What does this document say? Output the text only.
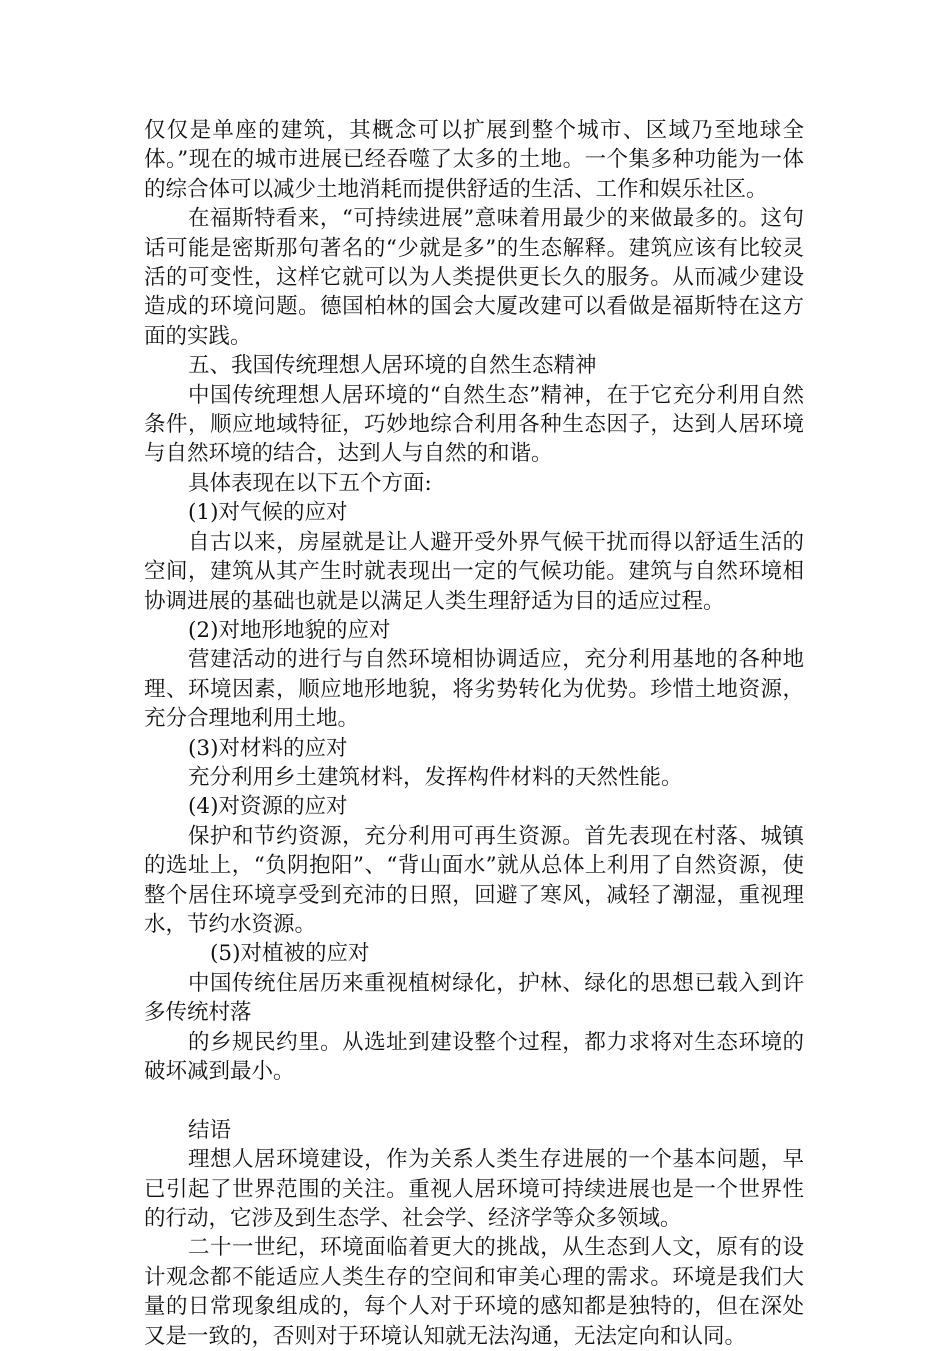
仅仅是单座的建筑，其概念可以扩展到整个城市、区域乃至地球全体。”现在的城市进展已经吞噬了太多的土地。一个集多种功能为一体的综合体可以减少土地消耗而提供舒适的生活、工作和娱乐社区。

在福斯特看来，“可持续进展”意味着用最少的来做最多的。这句话可能是密斯那句著名的“少就是多”的生态解释。建筑应该有比较灵活的可变性，这样它就可以为人类提供更长久的服务。从而减少建设造成的环境问题。德国柏林的国会大厦改建可以看做是福斯特在这方面的实践。

五、我国传统理想人居环境的自然生态精神

中国传统理想人居环境的“自然生态”精神，在于它充分利用自然条件，顺应地域特征，巧妙地综合利用各种生态因子，达到人居环境与自然环境的结合，达到人与自然的和谐。

具体表现在以下五个方面:

(1)对气候的应对

自古以来，房屋就是让人避开受外界气候干扰而得以舒适生活的空间，建筑从其产生时就表现出一定的气候功能。建筑与自然环境相协调进展的基础也就是以满足人类生理舒适为目的适应过程。

(2)对地形地貌的应对

营建活动的进行与自然环境相协调适应，充分利用基地的各种地理、环境因素，顺应地形地貌，将劣势转化为优势。珍惜土地资源，充分合理地利用土地。

(3)对材料的应对

充分利用乡土建筑材料，发挥构件材料的天然性能。

(4)对资源的应对

保护和节约资源，充分利用可再生资源。首先表现在村落、城镇的选址上，“负阴抱阳”、“背山面水”就从总体上利用了自然资源，使整个居住环境享受到充沛的日照，回避了寒风，减轻了潮湿，重视理水，节约水资源。

(5)对植被的应对

中国传统住居历来重视植树绿化，护林、绿化的思想已载入到许多传统村落

的乡规民约里。从选址到建设整个过程，都力求将对生态环境的破坏减到最小。

结语

理想人居环境建设，作为关系人类生存进展的一个基本问题，早已引起了世界范围的关注。重视人居环境可持续进展也是一个世界性的行动，它涉及到生态学、社会学、经济学等众多领域。

二十一世纪，环境面临着更大的挑战，从生态到人文，原有的设计观念都不能适应人类生存的空间和审美心理的需求。环境是我们大量的日常现象组成的，每个人对于环境的感知都是独特的，但在深处又是一致的，否则对于环境认知就无法沟通，无法定向和认同。
